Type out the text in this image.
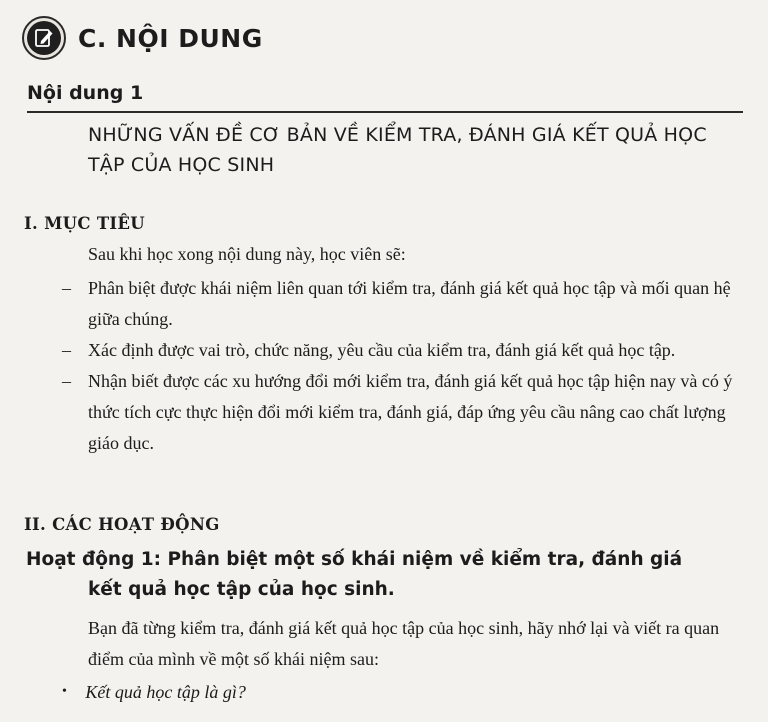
C. NỘI DUNG
Nội dung 1
NHỮNG VẤN ĐỀ CƠ BẢN VỀ KIỂM TRA, ĐÁNH GIÁ KẾT QUẢ HỌC TẬP CỦA HỌC SINH
I. MỤC TIÊU
Sau khi học xong nội dung này, học viên sẽ:
– Phân biệt được khái niệm liên quan tới kiểm tra, đánh giá kết quả học tập và mối quan hệ giữa chúng.
– Xác định được vai trò, chức năng, yêu cầu của kiểm tra, đánh giá kết quả học tập.
– Nhận biết được các xu hướng đổi mới kiểm tra, đánh giá kết quả học tập hiện nay và có ý thức tích cực thực hiện đổi mới kiểm tra, đánh giá, đáp ứng yêu cầu nâng cao chất lượng giáo dục.
II. CÁC HOẠT ĐỘNG
Hoạt động 1: Phân biệt một số khái niệm về kiểm tra, đánh giá
kết quả học tập của học sinh.
Bạn đã từng kiểm tra, đánh giá kết quả học tập của học sinh, hãy nhớ lại và viết ra quan điểm của mình về một số khái niệm sau:
• Kết quả học tập là gì?
